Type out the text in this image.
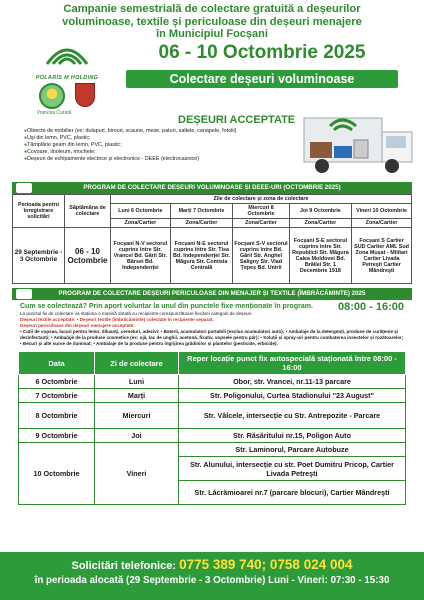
Campanie semestrială de colectare gratuită a deșeurilor
voluminoase, textile și periculoase din deșeuri menajere
în Municipiul Focșani
POLARIS M HOLDING
Vrancea Curată
06 - 10 Octombrie 2025
Colectare deșeuri voluminoase
DEȘEURI ACCEPTATE
● Obiecte de mobilier (ex: dulapuri, birouri, scaune, mese, paturi, saltele, canapele, fotolii)
● Uși din lemn, PVC, plastic;
● Tâmplărie geam din lemn, PVC, plastic;
● Covoare, linoleum, mochete;
● Deșeuri de echipamente electrice și electronice - DEEE (electrocasnice)
PROGRAM DE COLECTARE DEȘEURI VOLUMINOASE ȘI DEEE-URI (OCTOMBRIE 2025)
Perioada pentru înregistrare solicitări	Săptămâna de colectare	Zile de colectare și zona de colectare				
		Luni 6 Octombrie	Marți 7 Octombrie	Miercuri 8 Octombrie	Joi 9 Octombrie	Vineri 10 Octombrie
		Zona/Cartier	Zona/Cartier	Zona/Cartier	Zona/Cartier	Zona/Cartier
29 Septembrie - 3 Octombrie	06 - 10 Octombrie	Focșani N-V sectorul cuprins între Str. Vrancei Bd. Gării Str. Bârsei Bd. Independenței	Focșani N-E sectorul cuprins între Str. Tisa Bd. Independenței Str. Măgura Str. Comisia Centrală	Focșani S-V sectorul cuprins între Bd. Gării Str. Anghel Saligny Str. Vlad Țepeș Bd. Unirii	Focșani S-E sectorul cuprins între Str. Republicii Str. Măgura Calea Moldovei Bd. Brăilei Str. 1 Decembrie 1918	Focșani S Cartier SUD Cartier AML Sud Zona Mușat - Militari Cartier Livada Petreşti Cartier Mândreşti
PROGRAM DE COLECTARE DEȘEURI PERICULOASE DIN MENAJER ȘI TEXTILE (ÎMBRĂCĂMINTE) 2025
Cum se colectează? Prin aport voluntar la unul din punctele fixe menționate în program. 08:00 - 16:00
La punctul fix de colectare va staționa o mașină dotată cu recipiente corespunzătoare fiecărei categorii de deșeuri.
Deșeuri textile acceptate: • Deșeuri textile (îmbrăcăminte) colectate în recipiente separat.
Deșeuri periculoase din deșeuri menajere acceptate:
• Cutii de vopsea, lacuri pentru lemn, diluanți, cerneluri, adezivi; • Baterii, acumulatori portabili (exclus acumulatori auto); • Ambalaje de la detergenți, produse de curățenie și dezinfectanți; • Ambalaje de la produse cosmetice (ex: ojă, lac de unghii, acetonă, fixativ, vopsele pentru păr); • Soluții și spray-uri pentru combaterea insectelor și rozătoarelor; • Becuri și alte surse de iluminat; • Ambalaje de la produse pentru îngrijirea grădinilor și plantelor (pesticide, erbicide).
Data	Zi de colectare	Reper locație punct fix autospecială staționată între 08:00 - 16:00
6 Octombrie	Luni	Obor, str. Vrancei, nr.11-13 parcare
7 Octombrie	Marți	Str. Poligonului, Curtea Stadionului "23 August"
8 Octombrie	Miercuri	Str. Vâlcele, intersecție cu Str. Antrepozite - Parcare
9 Octombrie	Joi	Str. Răsăritului nr.15, Poligon Auto
10 Octombrie	Vineri	Str. Laminorul, Parcare Autobuze
		Str. Alunului, intersecție cu str. Poet Dumitru Pricop, Cartier Livada Petreşti
		Str. Lăcrămioarei nr.7 (parcare blocuri), Cartier Mândreşti
Solicitări telefonice: 0775 389 740; 0758 024 004
în perioada alocată (29 Septembrie - 3 Octombrie) Luni - Vineri: 07:30 - 15:30
